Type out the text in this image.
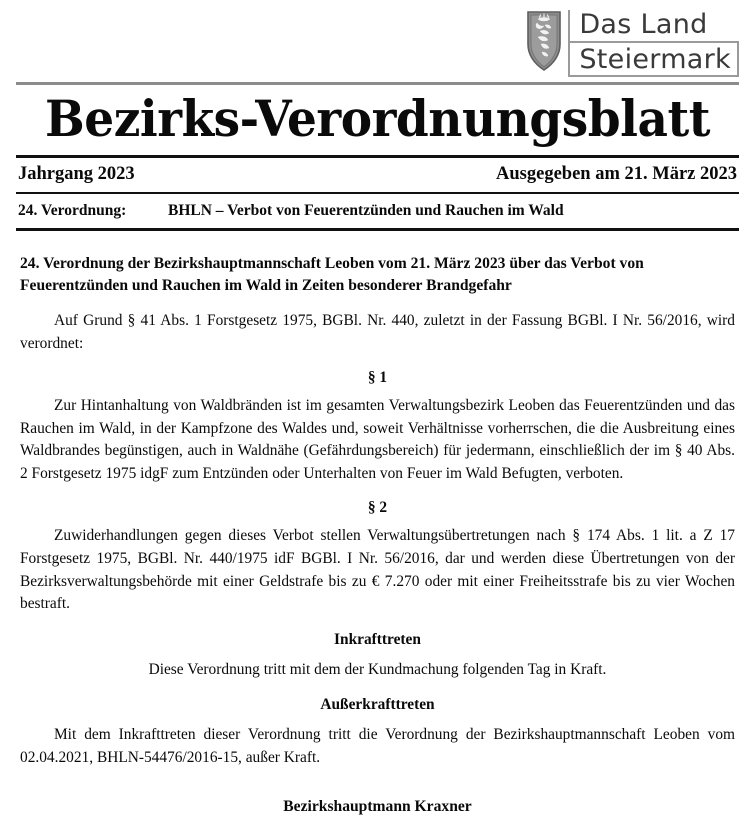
Das Land
Steiermark
Bezirks-Verordnungsblatt
Jahrgang 2023	Ausgegeben am 21. März 2023
24. Verordnung:	BHLN – Verbot von Feuerentzünden und Rauchen im Wald
24. Verordnung der Bezirkshauptmannschaft Leoben vom 21. März 2023 über das Verbot von Feuerentzünden und Rauchen im Wald in Zeiten besonderer Brandgefahr

Auf Grund § 41 Abs. 1 Forstgesetz 1975, BGBl. Nr. 440, zuletzt in der Fassung BGBl. I Nr. 56/2016, wird verordnet:

§ 1

Zur Hintanhaltung von Waldbränden ist im gesamten Verwaltungsbezirk Leoben das Feuerentzünden und das Rauchen im Wald, in der Kampfzone des Waldes und, soweit Verhältnisse vorherrschen, die die Ausbreitung eines Waldbrandes begünstigen, auch in Waldnähe (Gefährdungsbereich) für jedermann, einschließlich der im § 40 Abs. 2 Forstgesetz 1975 idgF zum Entzünden oder Unterhalten von Feuer im Wald Befugten, verboten.

§ 2

Zuwiderhandlungen gegen dieses Verbot stellen Verwaltungsübertretungen nach § 174 Abs. 1 lit. a Z 17 Forstgesetz 1975, BGBl. Nr. 440/1975 idF BGBl. I Nr. 56/2016, dar und werden diese Übertretungen von der Bezirksverwaltungsbehörde mit einer Geldstrafe bis zu € 7.270 oder mit einer Freiheitsstrafe bis zu vier Wochen bestraft.

Inkrafttreten

Diese Verordnung tritt mit dem der Kundmachung folgenden Tag in Kraft.

Außerkrafttreten

Mit dem Inkrafttreten dieser Verordnung tritt die Verordnung der Bezirkshauptmannschaft Leoben vom 02.04.2021, BHLN-54476/2016-15, außer Kraft.

Bezirkshauptmann Kraxner
